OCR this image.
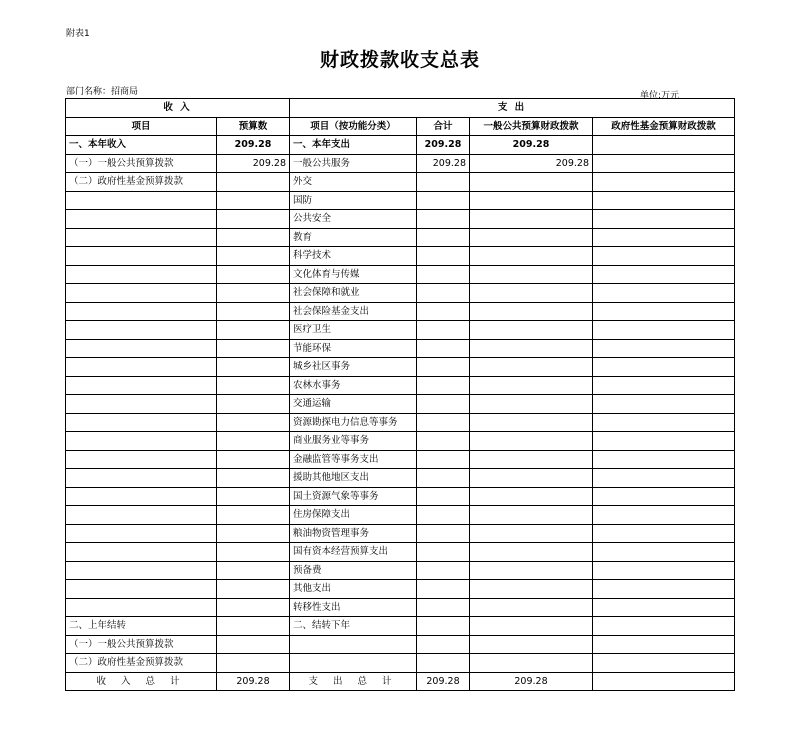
附表1
财政拨款收支总表
部门名称：招商局	单位:万元
收 入		支 出			
项目	预算数	项目（按功能分类）	合计	一般公共预算财政拨款	政府性基金预算财政拨款
一、本年收入	209.28	一、本年支出	209.28	209.28	
（一）一般公共预算拨款	209.28	一般公共服务	209.28	209.28	
（二）政府性基金预算拨款		外交			
		国防			
		公共安全			
		教育			
		科学技术			
		文化体育与传媒			
		社会保障和就业			
		社会保险基金支出			
		医疗卫生			
		节能环保			
		城乡社区事务			
		农林水事务			
		交通运输			
		资源勘探电力信息等事务			
		商业服务业等事务			
		金融监管等事务支出			
		援助其他地区支出			
		国土资源气象等事务			
		住房保障支出			
		粮油物资管理事务			
		国有资本经营预算支出			
		预备费			
		其他支出			
		转移性支出			
二、上年结转		二、结转下年			
（一）一般公共预算拨款					
（二）政府性基金预算拨款					
收 入 总 计	209.28	支 出 总 计	209.28	209.28	
